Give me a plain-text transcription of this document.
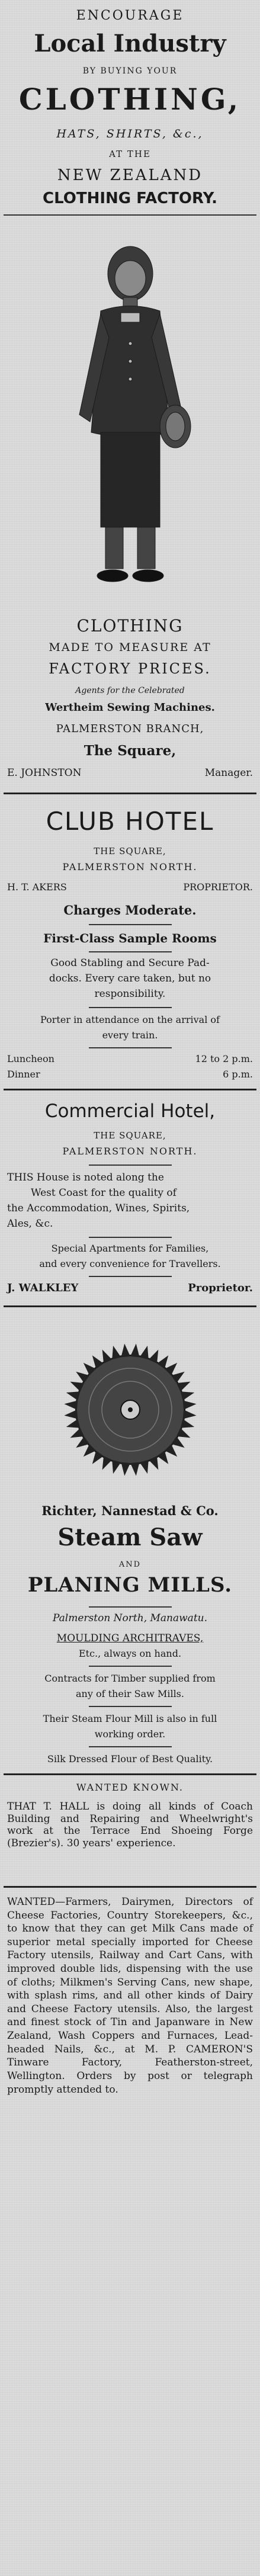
ENCOURAGE
Local Industry
BY BUYING YOUR
CLOTHING,
HATS, SHIRTS, &c.,
AT THE
NEW ZEALAND
CLOTHING FACTORY.
CLOTHING
MADE TO MEASURE AT
FACTORY PRICES.
Agents for the Celebrated
Wertheim Sewing Machines.
PALMERSTON BRANCH,
The Square,
E. JOHNSTON	Manager.
CLUB HOTEL
THE SQUARE,
PALMERSTON NORTH.
H. T. AKERS	PROPRIETOR.
Charges Moderate.
First-Class Sample Rooms
Good Stabling and Secure Pad-
docks. Every care taken, but no
responsibility.
Porter in attendance on the arrival of
every train.
Luncheon	12 to 2 p.m.
Dinner	6 p.m.
Commercial Hotel,
THE SQUARE,
PALMERSTON NORTH.
THIS House is noted along the
West Coast for the quality of
the Accommodation, Wines, Spirits,
Ales, &c.
Special Apartments for Families,
and every convenience for Travellers.
J. WALKLEY	Proprietor.
Richter, Nannestad & Co.
Steam Saw
AND
PLANING MILLS.
Palmerston North, Manawatu.
MOULDING ARCHITRAVES,
Etc., always on hand.
Contracts for Timber supplied from
any of their Saw Mills.
Their Steam Flour Mill is also in full
working order.
Silk Dressed Flour of Best Quality.
WANTED KNOWN.
THAT T. HALL is doing all kinds of Coach Building and Repairing and Wheelwright's work at the Terrace End Shoeing Forge (Brezier's). 30 years' experience.
WANTED—Farmers, Dairymen, Directors of Cheese Factories, Country Storekeepers, &c., to know that they can get Milk Cans made of superior metal specially imported for Cheese Factory utensils, Railway and Cart Cans, with improved double lids, dispensing with the use of cloths; Milkmen's Serving Cans, new shape, with splash rims, and all other kinds of Dairy and Cheese Factory utensils. Also, the largest and finest stock of Tin and Japanware in New Zealand, Wash Coppers and Furnaces, Lead-headed Nails, &c., at M. P. CAMERON'S Tinware Factory, Featherston-street, Wellington. Orders by post or telegraph promptly attended to.
